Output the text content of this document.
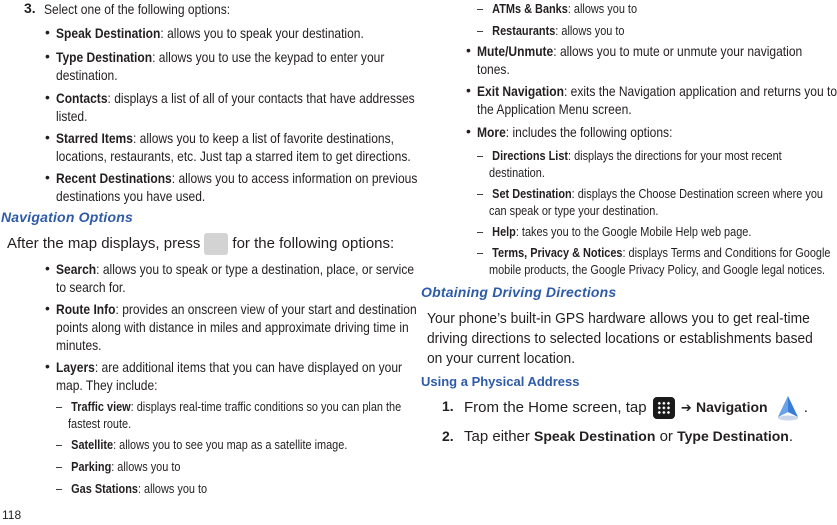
3. Select one of the following options:
• Speak Destination: allows you to speak your destination.
• Type Destination: allows you to use the keypad to enter your
destination.
• Contacts: displays a list of all of your contacts that have addresses
listed.
• Starred Items: allows you to keep a list of favorite destinations,
locations, restaurants, etc. Just tap a starred item to get directions.
• Recent Destinations: allows you to access information on previous
destinations you have used.
Navigation Options
After the map displays, press for the following options:
• Search: allows you to speak or type a destination, place, or service
to search for.
• Route Info: provides an onscreen view of your start and destination
points along with distance in miles and approximate driving time in
minutes.
• Layers: are additional items that you can have displayed on your
map. They include:
–   Traffic view: displays real-time traffic conditions so you can plan the
fastest route.
–   Satellite: allows you to see you map as a satellite image.
–   Parking: allows you to
–   Gas Stations: allows you to
118
–   ATMs & Banks: allows you to
–   Restaurants: allows you to
• Mute/Unmute: allows you to mute or unmute your navigation
tones.
• Exit Navigation: exits the Navigation application and returns you to
the Application Menu screen.
• More: includes the following options:
–   Directions List: displays the directions for your most recent
destination.
–   Set Destination: displays the Choose Destination screen where you
can speak or type your destination.
–   Help: takes you to the Google Mobile Help web page.
–   Terms, Privacy & Notices: displays Terms and Conditions for Google
mobile products, the Google Privacy Policy, and Google legal notices.
Obtaining Driving Directions
Your phone’s built-in GPS hardware allows you to get real-time
driving directions to selected locations or establishments based
on your current location.
Using a Physical Address
1. From the Home screen, tap	➔ Navigation .
2. Tap either Speak Destination or Type Destination.
